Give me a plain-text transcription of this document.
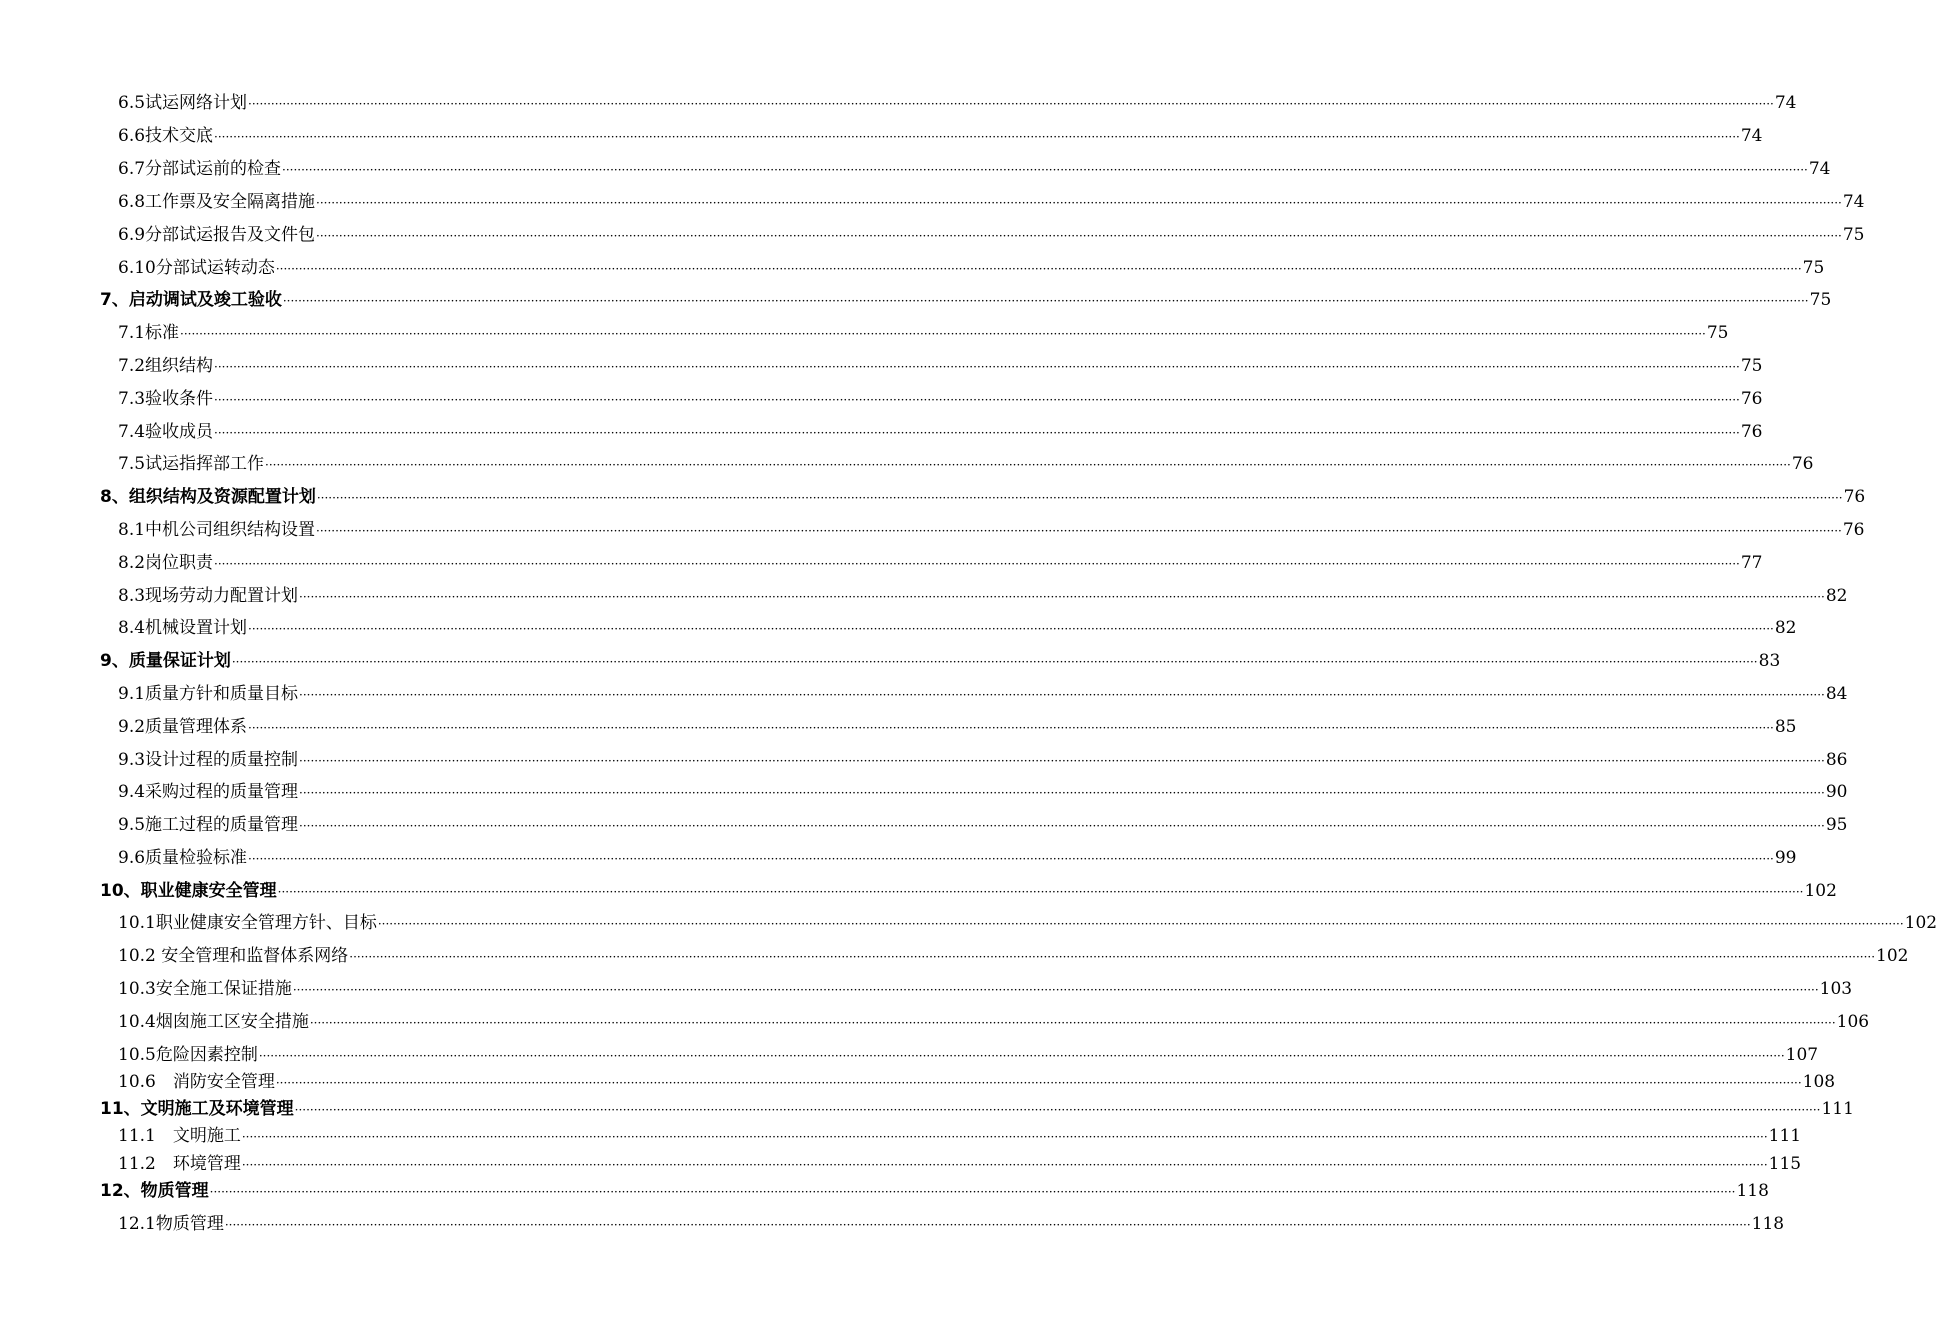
6.5试运网络计划 ················································································································································································································································································································································································································ 74
6.6技术交底 ················································································································································································································································································································································································································ 74
6.7分部试运前的检查 ················································································································································································································································································································································································································ 74
6.8工作票及安全隔离措施 ················································································································································································································································································································································································································ 74
6.9分部试运报告及文件包 ················································································································································································································································································································································································································ 75
6.10分部试运转动态 ················································································································································································································································································································································································································ 75
7、启动调试及竣工验收 ················································································································································································································································································································································································································ 75
7.1标准 ················································································································································································································································································································································································································ 75
7.2组织结构 ················································································································································································································································································································································································································ 75
7.3验收条件 ················································································································································································································································································································································································································ 76
7.4验收成员 ················································································································································································································································································································································································································ 76
7.5试运指挥部工作 ················································································································································································································································································································································································································ 76
8、组织结构及资源配置计划 ················································································································································································································································································································································································································ 76
8.1中机公司组织结构设置 ················································································································································································································································································································································································································ 76
8.2岗位职责 ················································································································································································································································································································································································································ 77
8.3现场劳动力配置计划 ················································································································································································································································································································································································································ 82
8.4机械设置计划 ················································································································································································································································································································································································································ 82
9、质量保证计划 ················································································································································································································································································································································································································ 83
9.1质量方针和质量目标 ················································································································································································································································································································································································································ 84
9.2质量管理体系 ················································································································································································································································································································································································································ 85
9.3设计过程的质量控制 ················································································································································································································································································································································································································ 86
9.4采购过程的质量管理 ················································································································································································································································································································································································································ 90
9.5施工过程的质量管理 ················································································································································································································································································································································································································ 95
9.6质量检验标准 ················································································································································································································································································································································································································ 99
10、职业健康安全管理 ················································································································································································································································································································································································································ 102
10.1职业健康安全管理方针、目标 ················································································································································································································································································································································································································ 102
10.2 安全管理和监督体系网络 ················································································································································································································································································································································································································ 102
10.3安全施工保证措施 ················································································································································································································································································································································································································ 103
10.4烟囱施工区安全措施 ················································································································································································································································································································································································································ 106
10.5危险因素控制 ················································································································································································································································································································································································································ 107
10.6　消防安全管理 ················································································································································································································································································································································································································ 108
11、文明施工及环境管理 ················································································································································································································································································································································································································ 111
11.1　文明施工 ················································································································································································································································································································································································································ 111
11.2　环境管理 ················································································································································································································································································································································································································ 115
12、物质管理 ················································································································································································································································································································································································································ 118
12.1物质管理 ················································································································································································································································································································································································································ 118
